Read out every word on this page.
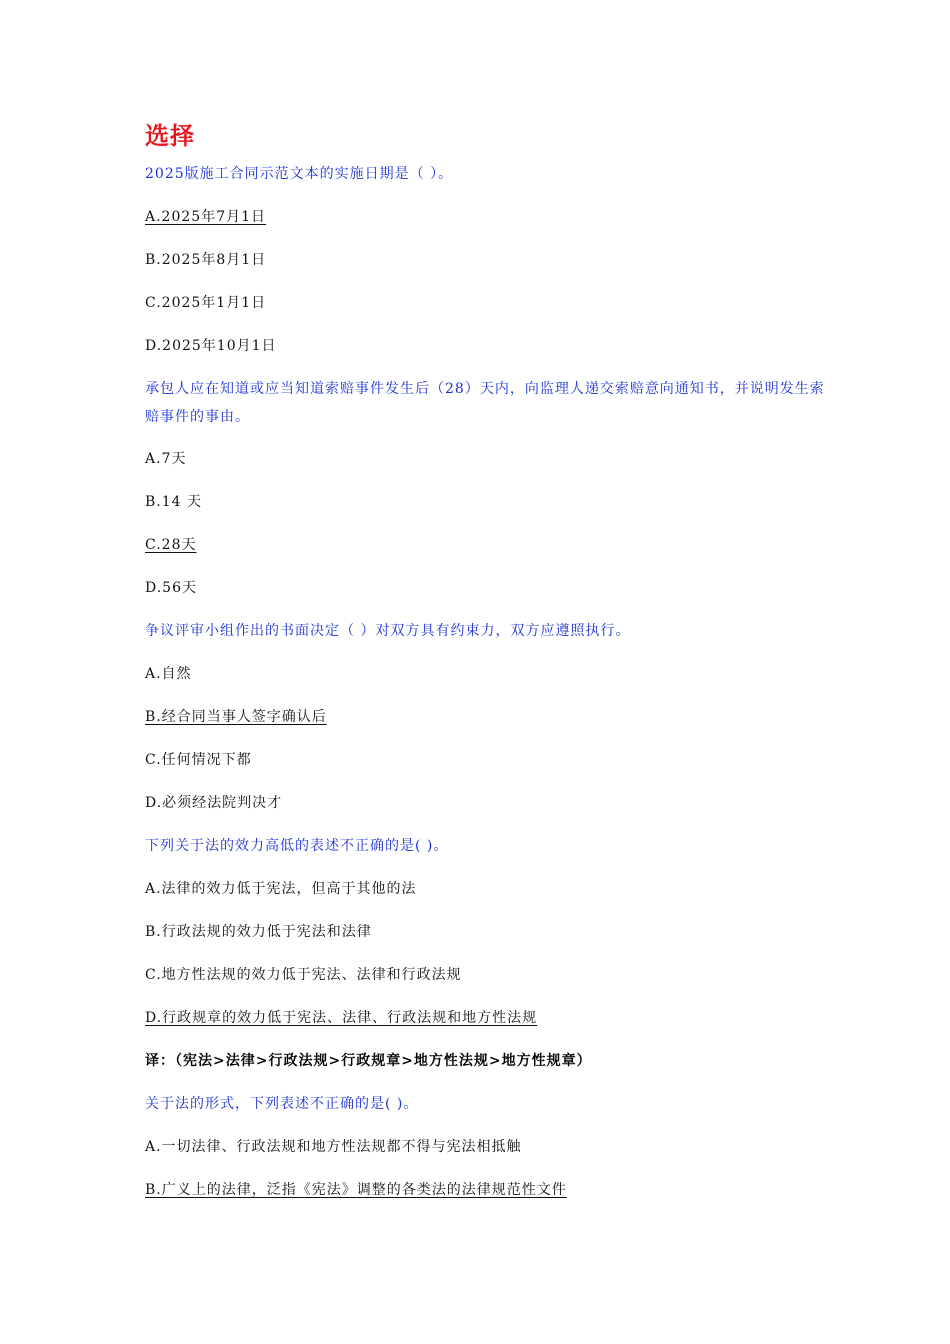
选择
2025版施工合同示范文本的实施日期是（ ）。
A.2025年7月1日
B.2025年8月1日
C.2025年1月1日
D.2025年10月1日
承包人应在知道或应当知道索赔事件发生后（28）天内，向监理人递交索赔意向通知书，并说明发生索赔事件的事由。
A.7天
B.14 天
C.28天
D.56天
争议评审小组作出的书面决定（ ）对双方具有约束力，双方应遵照执行。
A.自然
B.经合同当事人签字确认后
C.任何情况下都
D.必须经法院判决才
下列关于法的效力高低的表述不正确的是( )。
A.法律的效力低于宪法，但高于其他的法
B.行政法规的效力低于宪法和法律
C.地方性法规的效力低于宪法、法律和行政法规
D.行政规章的效力低于宪法、法律、行政法规和地方性法规
译：（宪法>法律>行政法规>行政规章>地方性法规>地方性规章）
关于法的形式，下列表述不正确的是( )。
A.一切法律、行政法规和地方性法规都不得与宪法相抵触
B.广义上的法律，泛指《宪法》调整的各类法的法律规范性文件
